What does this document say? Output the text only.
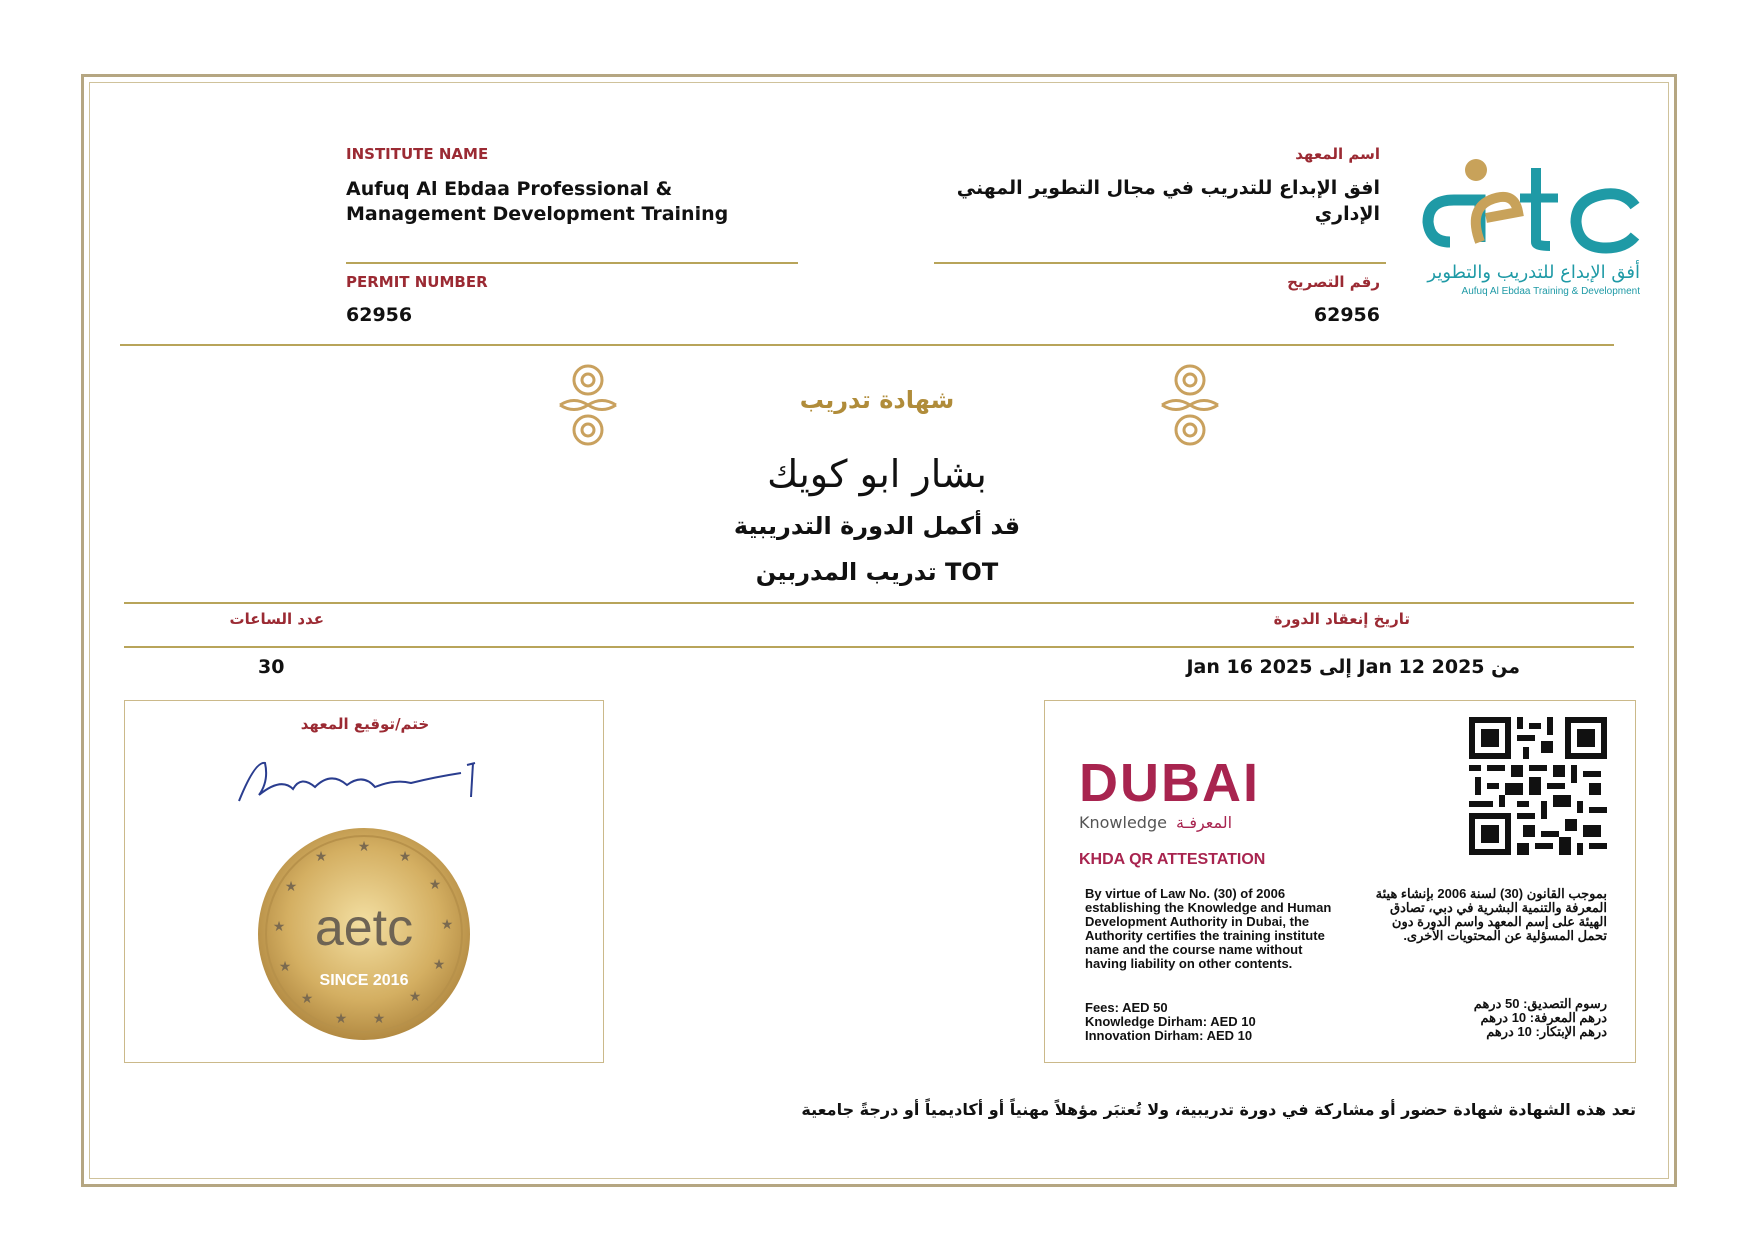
أفق الإبداع للتدريب والتطوير
Aufuq Al Ebdaa Training & Development
INSTITUTE NAME
Aufuq Al Ebdaa Professional & Management Development Training
اسم المعهد
افق الإبداع للتدريب في مجال التطوير المهني الإداري
PERMIT NUMBER
62956
رقم التصريح
62956
شهادة تدريب
بشار ابو كويك
قد أكمل الدورة التدريبية
تدريب المدربين TOT
تاريخ إنعقاد الدورة
عدد الساعات
من Jan 12 2025 إلى Jan 16 2025
30
ختم/توقيع المعهد
★
★
★
★
★
★
★
★
★
★
★
★
★
aetc
SINCE 2016
DUBAI
Knowledge المعرفـة
KHDA QR ATTESTATION
By virtue of Law No. (30) of 2006 establishing the Knowledge and Human Development Authority in Dubai, the Authority certifies the training institute name and the course name without having liability on other contents.
بموجب القانون (30) لسنة 2006 بإنشاء هيئة المعرفة والتنمية البشرية في دبي، تصادق الهيئة على إسم المعهد واسم الدورة دون تحمل المسؤلية عن المحتويات الأخرى.
Fees: AED 50
Knowledge Dirham: AED 10
Innovation Dirham: AED 10
رسوم التصديق: 50 درهم
درهم المعرفة: 10 درهم
درهم الإبتكار: 10 درهم
تعد هذه الشهادة شهادة حضور أو مشاركة في دورة تدريبية، ولا تُعتبَر مؤهلاً مهنياً أو أكاديمياً أو درجةً جامعية
